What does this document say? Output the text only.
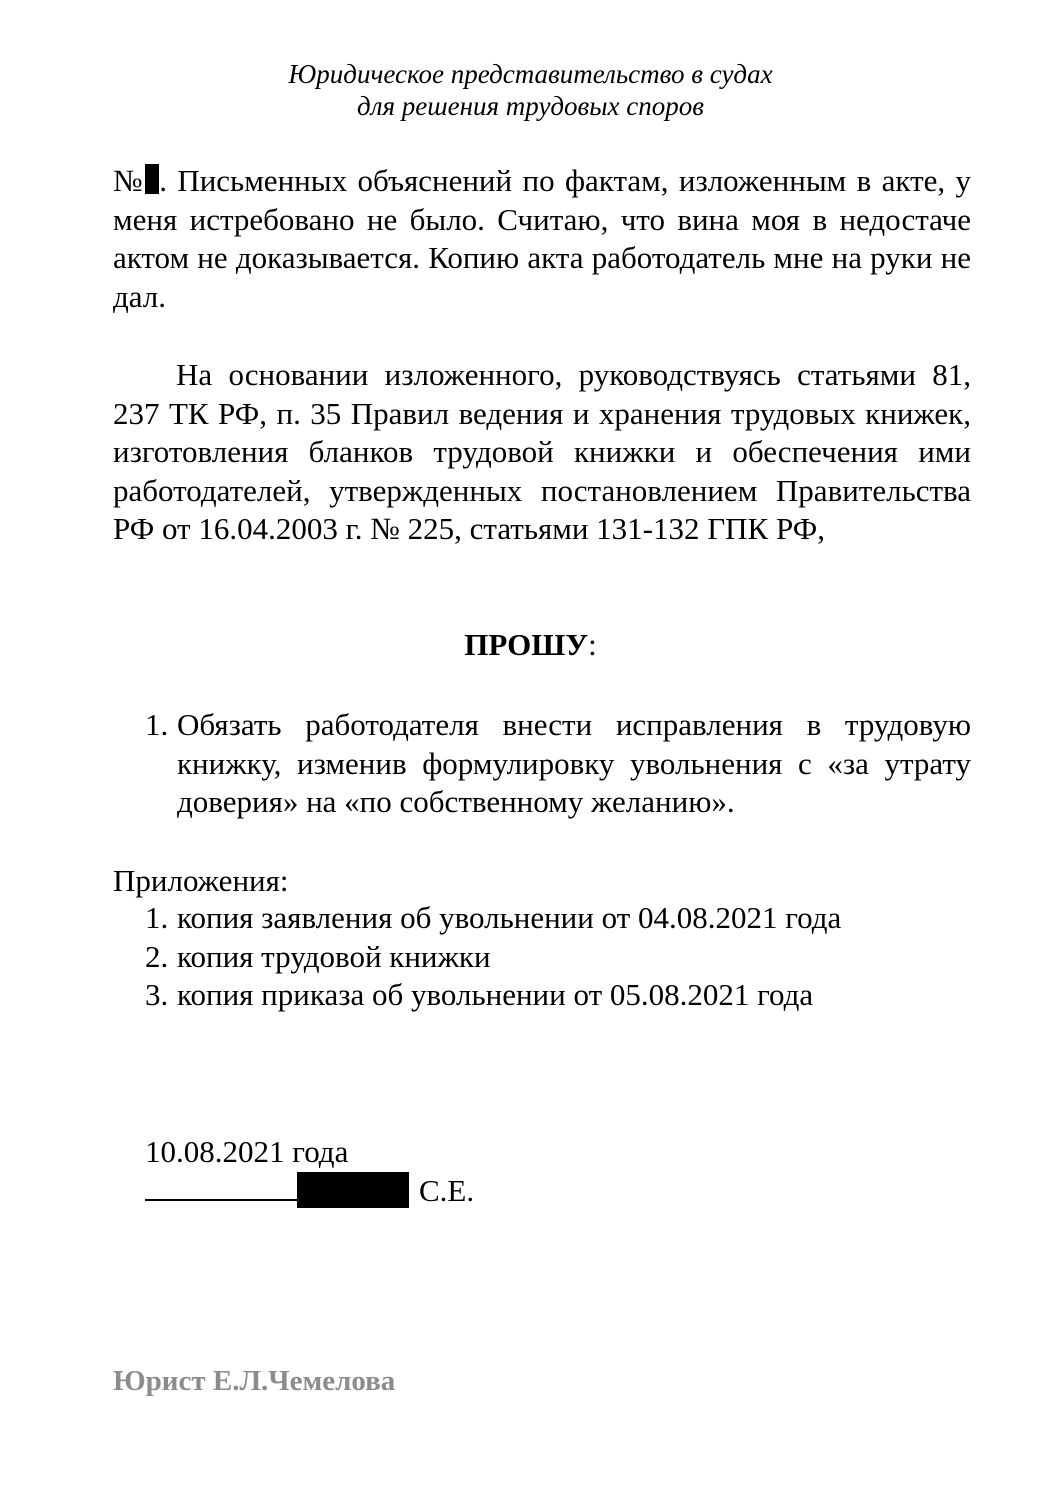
Юридическое представительство в судах
для решения трудовых споров
№ . Письменных объяснений по фактам, изложенным в акте, у меня истребовано не было. Считаю, что вина моя в недостаче актом не доказывается. Копию акта работодатель мне на руки не дал.
На основании изложенного, руководствуясь статьями 81, 237 ТК РФ, п. 35 Правил ведения и хранения трудовых книжек, изготовления бланков трудовой книжки и обеспечения ими работодателей, утвержденных постановлением Правительства РФ от 16.04.2003 г. № 225, статьями 131-132 ГПК РФ,
ПРОШУ:
1. Обязать работодателя внести исправления в трудовую книжку, изменив формулировку увольнения с «за утрату доверия» на «по собственному желанию».
Приложения:
1. копия заявления об увольнении от 04.08.2021 года
2. копия трудовой книжки
3. копия приказа об увольнении от 05.08.2021 года
10.08.2021 года
С.Е.
Юрист Е.Л.Чемелова
